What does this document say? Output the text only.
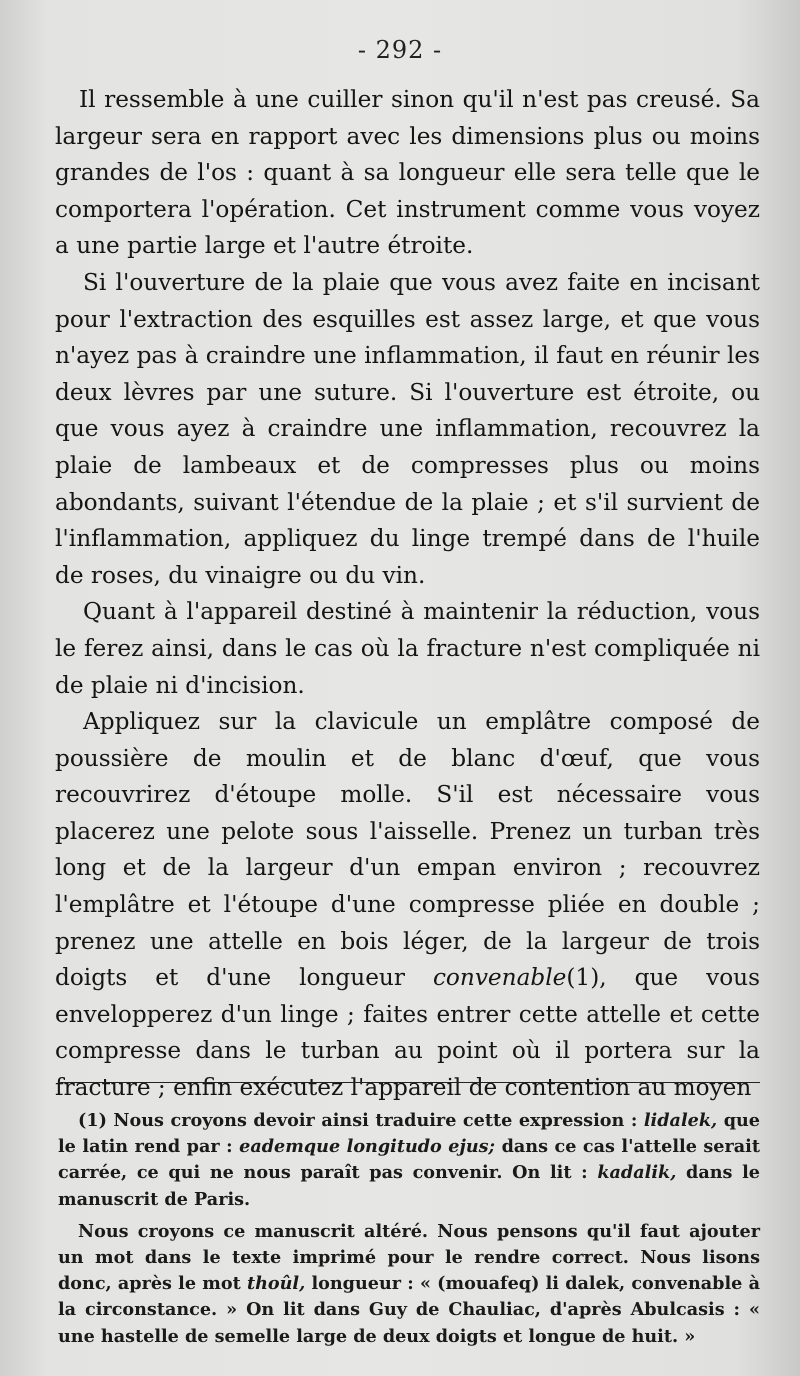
- 292 -

Il ressemble à une cuiller sinon qu'il n'est pas creusé. Sa largeur sera en rapport avec les dimensions plus ou moins grandes de l'os : quant à sa longueur elle sera telle que le comportera l'opération. Cet instrument comme vous voyez a une partie large et l'autre étroite.

Si l'ouverture de la plaie que vous avez faite en incisant pour l'extraction des esquilles est assez large, et que vous n'ayez pas à craindre une inflammation, il faut en réunir les deux lèvres par une suture. Si l'ouverture est étroite, ou que vous ayez à craindre une inflammation, recouvrez la plaie de lambeaux et de compresses plus ou moins abondants, suivant l'étendue de la plaie ; et s'il survient de l'inflammation, appliquez du linge trempé dans de l'huile de roses, du vinaigre ou du vin.

Quant à l'appareil destiné à maintenir la réduction, vous le ferez ainsi, dans le cas où la fracture n'est compliquée ni de plaie ni d'incision.

Appliquez sur la clavicule un emplâtre composé de poussière de moulin et de blanc d'œuf, que vous recouvrirez d'étoupe molle. S'il est nécessaire vous placerez une pelote sous l'aisselle. Prenez un turban très long et de la largeur d'un empan environ ; recouvrez l'emplâtre et l'étoupe d'une compresse pliée en double ; prenez une attelle en bois léger, de la largeur de trois doigts et d'une longueur convenable(1), que vous envelopperez d'un linge ; faites entrer cette attelle et cette compresse dans le turban au point où il portera sur la fracture ; enfin exécutez l'appareil de contention au moyen

(1) Nous croyons devoir ainsi traduire cette expression : lidalek, que le latin rend par : eademque longitudo ejus; dans ce cas l'attelle serait carrée, ce qui ne nous paraît pas convenir. On lit : kadalik, dans le manuscrit de Paris.

Nous croyons ce manuscrit altéré. Nous pensons qu'il faut ajouter un mot dans le texte imprimé pour le rendre correct. Nous lisons donc, après le mot thoûl, longueur : « (mouafeq) li dalek, convenable à la circonstance. » On lit dans Guy de Chauliac, d'après Abulcasis : « une hastelle de semelle large de deux doigts et longue de huit. »
